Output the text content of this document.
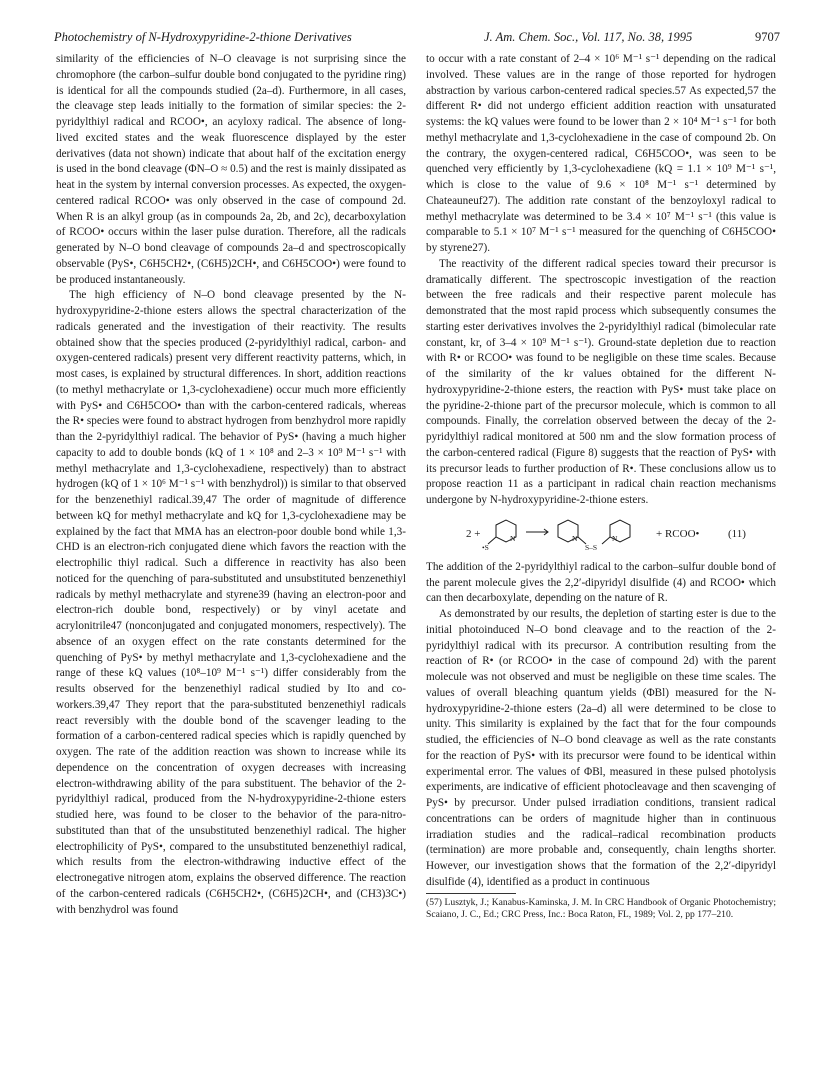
Photochemistry of N-Hydroxypyridine-2-thione Derivatives	J. Am. Chem. Soc., Vol. 117, No. 38, 1995	9707

similarity of the efficiencies of N–O cleavage is not surprising since the chromophore (the carbon–sulfur double bond conjugated to the pyridine ring) is identical for all the compounds studied (2a–d). Furthermore, in all cases, the cleavage step leads initially to the formation of similar species: the 2-pyridylthiyl radical and RCOO•, an acyloxy radical. The absence of long-lived excited states and the weak fluorescence displayed by the ester derivatives (data not shown) indicate that about half of the excitation energy is used in the bond cleavage (ΦN–O ≈ 0.5) and the rest is mainly dissipated as heat in the system by internal conversion processes. As expected, the oxygen-centered radical RCOO• was only observed in the case of compound 2d. When R is an alkyl group (as in compounds 2a, 2b, and 2c), decarboxylation of RCOO• occurs within the laser pulse duration. Therefore, all the radicals generated by N–O bond cleavage of compounds 2a–d and spectroscopically observable (PyS•, C6H5CH2•, (C6H5)2CH•, and C6H5COO•) were found to be produced instantaneously.

The high efficiency of N–O bond cleavage presented by the N-hydroxypyridine-2-thione esters allows the spectral characterization of the radicals generated and the investigation of their reactivity. The results obtained show that the species produced (2-pyridylthiyl radical, carbon- and oxygen-centered radicals) present very different reactivity patterns, which, in most cases, is explained by structural differences. In short, addition reactions (to methyl methacrylate or 1,3-cyclohexadiene) occur much more efficiently with PyS• and C6H5COO• than with the carbon-centered radicals, whereas the R• species were found to abstract hydrogen from benzhydrol more rapidly than the 2-pyridylthiyl radical. The behavior of PyS• (having a much higher capacity to add to double bonds (kQ of 1 × 10⁸ and 2–3 × 10⁹ M⁻¹ s⁻¹ with methyl methacrylate and 1,3-cyclohexadiene, respectively) than to abstract hydrogen (kQ of 1 × 10⁶ M⁻¹ s⁻¹ with benzhydrol)) is similar to that observed for the benzenethiyl radical.39,47 The order of magnitude of difference between kQ for methyl methacrylate and kQ for 1,3-cyclohexadiene may be explained by the fact that MMA has an electron-poor double bond while 1,3-CHD is an electron-rich conjugated diene which favors the reaction with the electrophilic thiyl radical. Such a difference in reactivity has also been noticed for the quenching of para-substituted and unsubstituted benzenethiyl radicals by methyl methacrylate and styrene39 (having an electron-poor and electron-rich double bond, respectively) or by vinyl acetate and acrylonitrile47 (nonconjugated and conjugated monomers, respectively). The absence of an oxygen effect on the rate constants determined for the quenching of PyS• by methyl methacrylate and 1,3-cyclohexadiene and the range of these kQ values (10⁸–10⁹ M⁻¹ s⁻¹) differ considerably from the results observed for the benzenethiyl radical studied by Ito and co-workers.39,47 They report that the para-substituted benzenethiyl radicals react reversibly with the double bond of the scavenger leading to the formation of a carbon-centered radical species which is rapidly quenched by oxygen. The rate of the addition reaction was shown to increase while its dependence on the concentration of oxygen decreases with increasing electron-withdrawing ability of the para substituent. The behavior of the 2-pyridylthiyl radical, produced from the N-hydroxypyridine-2-thione esters studied here, was found to be closer to the behavior of the para-nitro-substituted than that of the unsubstituted benzenethiyl radical. The higher electrophilicity of PyS•, compared to the unsubstituted benzenethiyl radical, which results from the electron-withdrawing inductive effect of the electronegative nitrogen atom, explains the observed difference. The reaction of the carbon-centered radicals (C6H5CH2•, (C6H5)2CH•, and (CH3)3C•) with benzhydrol was found

to occur with a rate constant of 2–4 × 10⁶ M⁻¹ s⁻¹ depending on the radical involved. These values are in the range of those reported for hydrogen abstraction by various carbon-centered radical species.57 As expected,57 the different R• did not undergo efficient addition reaction with unsaturated systems: the kQ values were found to be lower than 2 × 10⁴ M⁻¹ s⁻¹ for both methyl methacrylate and 1,3-cyclohexadiene in the case of compound 2b. On the contrary, the oxygen-centered radical, C6H5COO•, was seen to be quenched very efficiently by 1,3-cyclohexadiene (kQ = 1.1 × 10⁹ M⁻¹ s⁻¹, which is close to the value of 9.6 × 10⁸ M⁻¹ s⁻¹ determined by Chateauneuf27). The addition rate constant of the benzoyloxyl radical to methyl methacrylate was determined to be 3.4 × 10⁷ M⁻¹ s⁻¹ (this value is comparable to 5.1 × 10⁷ M⁻¹ s⁻¹ measured for the quenching of C6H5COO• by styrene27).

The reactivity of the different radical species toward their precursor is dramatically different. The spectroscopic investigation of the reaction between the free radicals and their respective parent molecule has demonstrated that the most rapid process which subsequently consumes the starting ester derivatives involves the 2-pyridylthiyl radical (bimolecular rate constant, kr, of 3–4 × 10⁹ M⁻¹ s⁻¹). Ground-state depletion due to reaction with R• or RCOO• was found to be negligible on these time scales. Because of the similarity of the kr values obtained for the different N-hydroxypyridine-2-thione esters, the reaction with PyS• must take place on the pyridine-2-thione part of the precursor molecule, which is common to all compounds. Finally, the correlation observed between the decay of the 2-pyridylthiyl radical monitored at 500 nm and the slow formation process of the carbon-centered radical (Figure 8) suggests that the reaction of PyS• with its precursor leads to further production of R•. These conclusions allow us to propose reaction 11 as a participant in radical chain reaction mechanisms undergone by N-hydroxypyridine-2-thione esters.

2 +	+ RCOO•	(11)
•S
N	N
S–S
N

The addition of the 2-pyridylthiyl radical to the carbon–sulfur double bond of the parent molecule gives the 2,2′-dipyridyl disulfide (4) and RCOO• which can then decarboxylate, depending on the nature of R.

As demonstrated by our results, the depletion of starting ester is due to the initial photoinduced N–O bond cleavage and to the reaction of the 2-pyridylthiyl radical with its precursor. A contribution resulting from the reaction of R• (or RCOO• in the case of compound 2d) with the parent molecule was not observed and must be negligible on these time scales. The values of overall bleaching quantum yields (ΦBl) measured for the N-hydroxypyridine-2-thione esters (2a–d) all were determined to be close to unity. This similarity is explained by the fact that for the four compounds studied, the efficiencies of N–O bond cleavage as well as the rate constants for the reaction of PyS• with its precursor were found to be identical within experimental error. The values of ΦBl, measured in these pulsed photolysis experiments, are indicative of efficient photocleavage and then scavenging of PyS• by precursor. Under pulsed irradiation conditions, transient radical concentrations can be orders of magnitude higher than in continuous irradiation studies and the radical–radical recombination products (termination) are more probable and, consequently, chain lengths shorter. However, our investigation shows that the formation of the 2,2′-dipyridyl disulfide (4), identified as a product in continuous

(57) Lusztyk, J.; Kanabus-Kaminska, J. M. In CRC Handbook of Organic Photochemistry; Scaiano, J. C., Ed.; CRC Press, Inc.: Boca Raton, FL, 1989; Vol. 2, pp 177–210.
